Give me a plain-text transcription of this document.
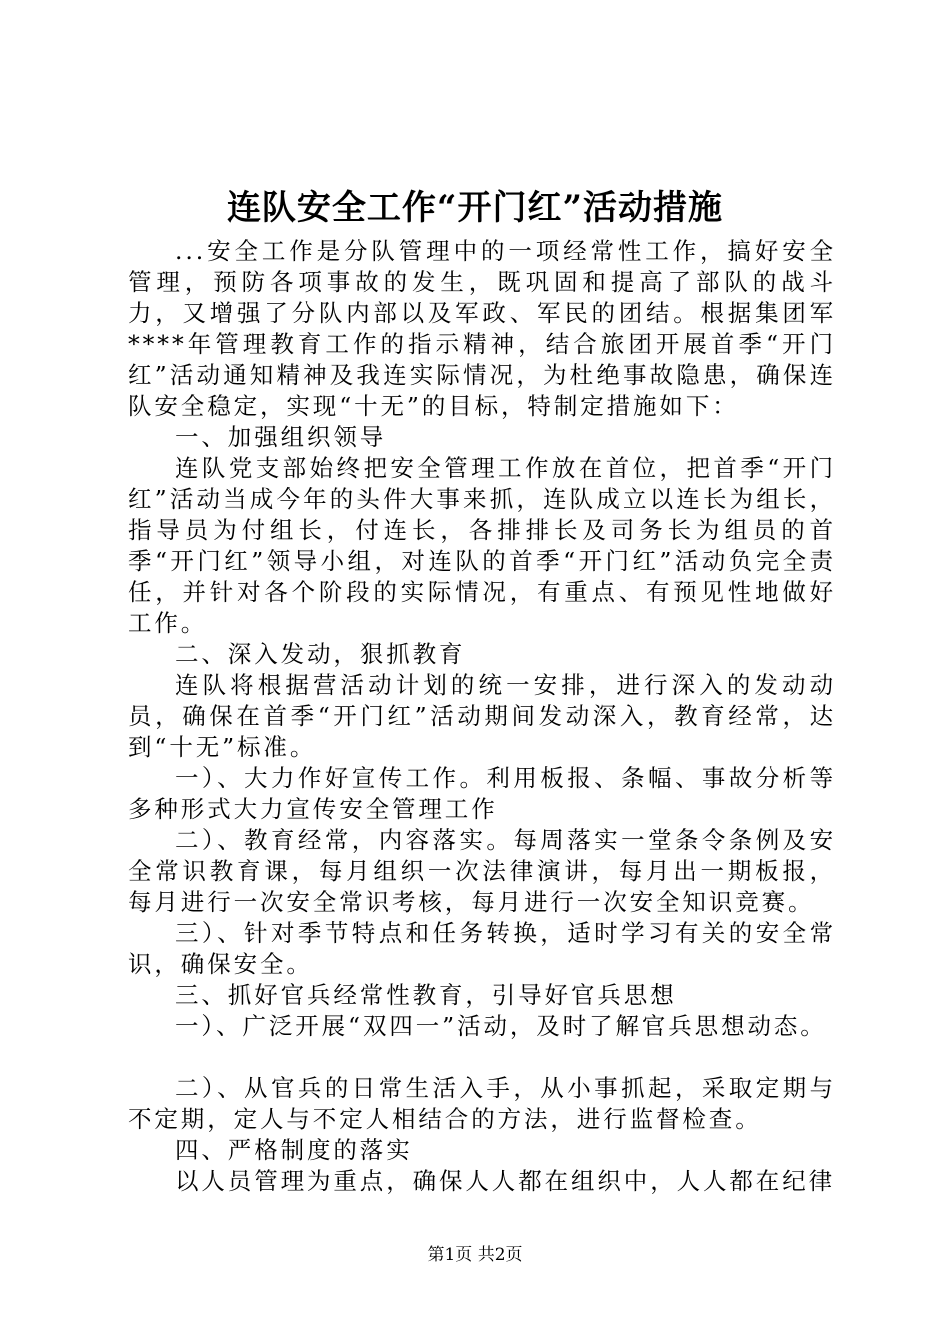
连队安全工作“开门红”活动措施

...安全工作是分队管理中的一项经常性工作，搞好安全管理，预防各项事故的发生，既巩固和提高了部队的战斗力，又增强了分队内部以及军政、军民的团结。根据集团军****年管理教育工作的指示精神，结合旅团开展首季“开门红”活动通知精神及我连实际情况，为杜绝事故隐患，确保连队安全稳定，实现“十无”的目标，特制定措施如下：

一、加强组织领导

连队党支部始终把安全管理工作放在首位，把首季“开门红”活动当成今年的头件大事来抓，连队成立以连长为组长，指导员为付组长，付连长，各排排长及司务长为组员的首季“开门红”领导小组，对连队的首季“开门红”活动负完全责任，并针对各个阶段的实际情况，有重点、有预见性地做好工作。

二、深入发动，狠抓教育

连队将根据营活动计划的统一安排，进行深入的发动动员，确保在首季“开门红”活动期间发动深入，教育经常，达到“十无”标准。

一）、大力作好宣传工作。利用板报、条幅、事故分析等多种形式大力宣传安全管理工作

二）、教育经常，内容落实。每周落实一堂条令条例及安全常识教育课，每月组织一次法律演讲，每月出一期板报，每月进行一次安全常识考核，每月进行一次安全知识竞赛。

三）、针对季节特点和任务转换，适时学习有关的安全常识，确保安全。

三、抓好官兵经常性教育，引导好官兵思想

一）、广泛开展“双四一”活动，及时了解官兵思想动态。

二）、从官兵的日常生活入手，从小事抓起，采取定期与不定期，定人与不定人相结合的方法，进行监督检查。

四、严格制度的落实

以人员管理为重点，确保人人都在组织中，人人都在纪律

第1页 共2页
